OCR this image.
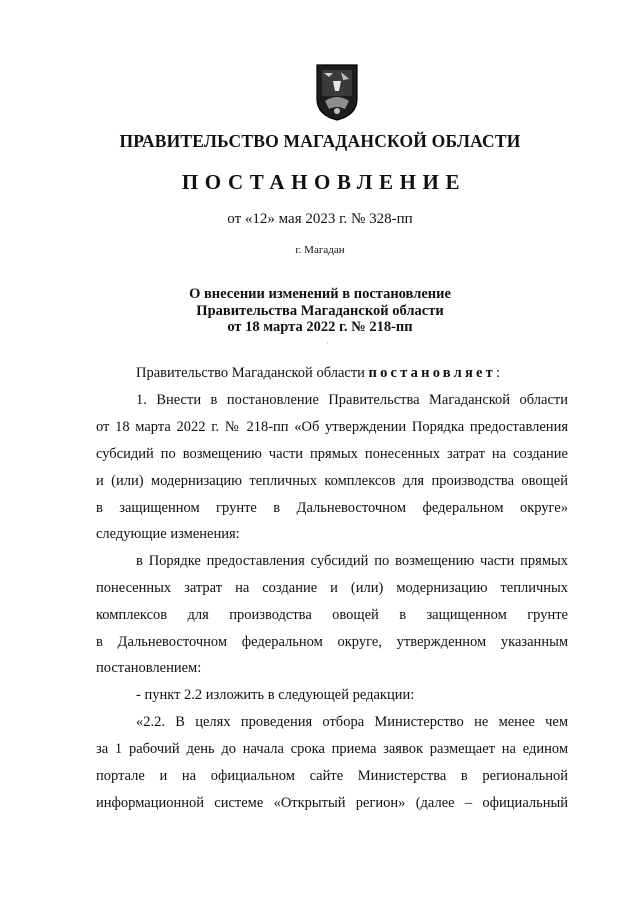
ПРАВИТЕЛЬСТВО МАГАДАНСКОЙ ОБЛАСТИ
ПОСТАНОВЛЕНИЕ
от «12» мая 2023 г. № 328-пп
г. Магадан
О внесении изменений в постановление
Правительства Магаданской области
от 18 марта 2022 г. № 218-пп
·
Правительство Магаданской области постановляет:
1. Внести в постановление Правительства Магаданской области
от 18 марта 2022 г. № 218-пп «Об утверждении Порядка предоставления
субсидий по возмещению части прямых понесенных затрат на создание
и (или) модернизацию тепличных комплексов для производства овощей
в защищенном грунте в Дальневосточном федеральном округе»
следующие изменения:
в Порядке предоставления субсидий по возмещению части прямых
понесенных затрат на создание и (или) модернизацию тепличных
комплексов для производства овощей в защищенном грунте
в Дальневосточном федеральном округе, утвержденном указанным
постановлением:
- пункт 2.2 изложить в следующей редакции:
«2.2. В целях проведения отбора Министерство не менее чем
за 1 рабочий день до начала срока приема заявок размещает на едином
портале и на официальном сайте Министерства в региональной
информационной системе «Открытый регион» (далее – официальный
